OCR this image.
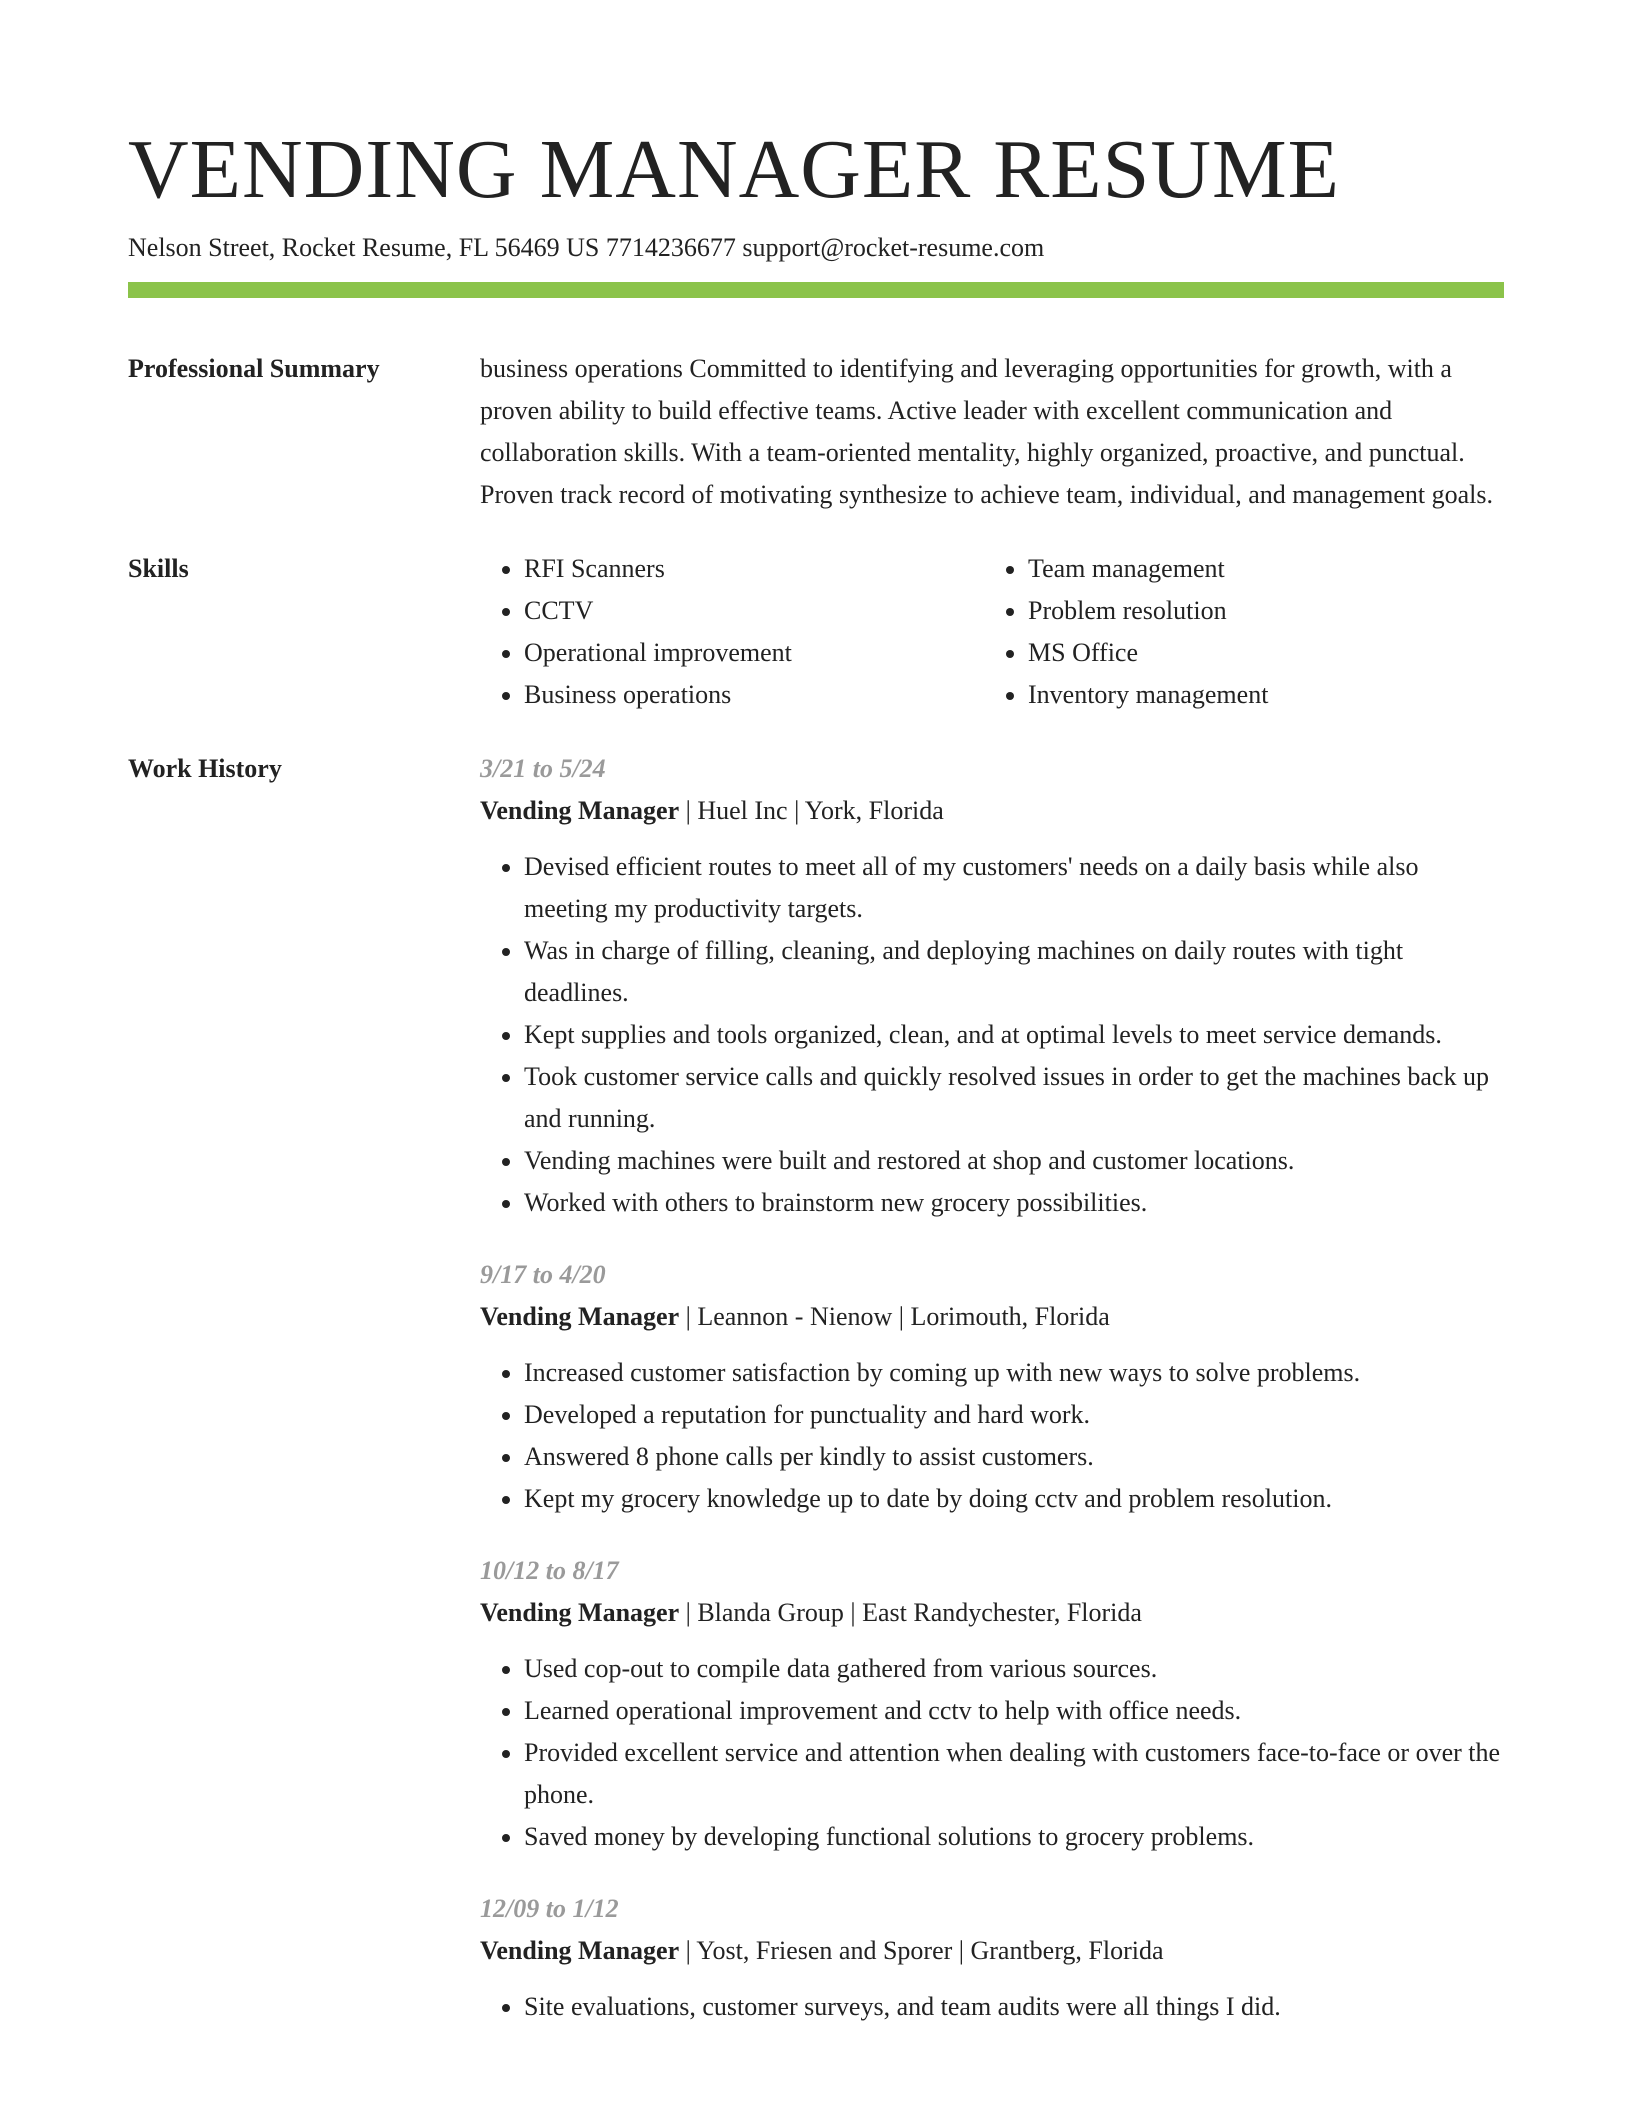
VENDING MANAGER RESUME
Nelson Street, Rocket Resume, FL 56469 US 7714236677 support@rocket-resume.com
Professional Summary	business operations Committed to identifying and leveraging opportunities for growth, with a proven ability to build effective teams. Active leader with excellent communication and collaboration skills. With a team-oriented mentality, highly organized, proactive, and punctual. Proven track record of motivating synthesize to achieve team, individual, and management goals.
Skills
•	RFI Scanners
• CCTV
• Operational improvement
• Business operations
• Team management
• Problem resolution
• MS Office
• Inventory management
Work History	3/21 to 5/24
Vending Manager | Huel Inc | York, Florida
• Devised efficient routes to meet all of my customers' needs on a daily basis while also meeting my productivity targets.
• Was in charge of filling, cleaning, and deploying machines on daily routes with tight deadlines.
• Kept supplies and tools organized, clean, and at optimal levels to meet service demands.
• Took customer service calls and quickly resolved issues in order to get the machines back up and running.
• Vending machines were built and restored at shop and customer locations.
• Worked with others to brainstorm new grocery possibilities.
9/17 to 4/20
Vending Manager | Leannon - Nienow | Lorimouth, Florida
• Increased customer satisfaction by coming up with new ways to solve problems.
• Developed a reputation for punctuality and hard work.
• Answered 8 phone calls per kindly to assist customers.
• Kept my grocery knowledge up to date by doing cctv and problem resolution.
10/12 to 8/17
Vending Manager | Blanda Group | East Randychester, Florida
• Used cop-out to compile data gathered from various sources.
• Learned operational improvement and cctv to help with office needs.
• Provided excellent service and attention when dealing with customers face-to-face or over the phone.
• Saved money by developing functional solutions to grocery problems.
12/09 to 1/12
Vending Manager | Yost, Friesen and Sporer | Grantberg, Florida
• Site evaluations, customer surveys, and team audits were all things I did.
